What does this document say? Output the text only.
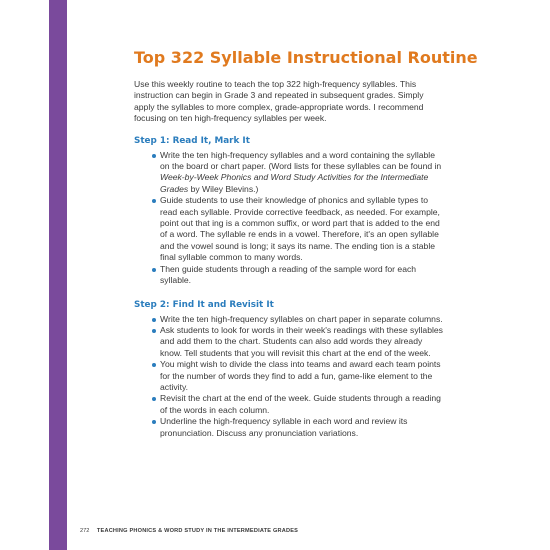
Top 322 Syllable Instructional Routine

Use this weekly routine to teach the top 322 high-frequency syllables. This instruction can begin in Grade 3 and repeated in subsequent grades. Simply apply the syllables to more complex, grade-appropriate words. I recommend focusing on ten high-frequency syllables per week.

Step 1: Read It, Mark It
Write the ten high-frequency syllables and a word containing the syllable on the board or chart paper. (Word lists for these syllables can be found in Week-by-Week Phonics and Word Study Activities for the Intermediate Grades by Wiley Blevins.)
Guide students to use their knowledge of phonics and syllable types to read each syllable. Provide corrective feedback, as needed. For example, point out that ing is a common suffix, or word part that is added to the end of a word. The syllable re ends in a vowel. Therefore, it's an open syllable and the vowel sound is long; it says its name. The ending tion is a stable final syllable common to many words.
Then guide students through a reading of the sample word for each syllable.
Step 2: Find It and Revisit It
Write the ten high-frequency syllables on chart paper in separate columns.
Ask students to look for words in their week's readings with these syllables and add them to the chart. Students can also add words they already know. Tell students that you will revisit this chart at the end of the week.
You might wish to divide the class into teams and award each team points for the number of words they find to add a fun, game-like element to the activity.
Revisit the chart at the end of the week. Guide students through a reading of the words in each column.
Underline the high-frequency syllable in each word and review its pronunciation. Discuss any pronunciation variations.
272 TEACHING PHONICS & WORD STUDY IN THE INTERMEDIATE GRADES
